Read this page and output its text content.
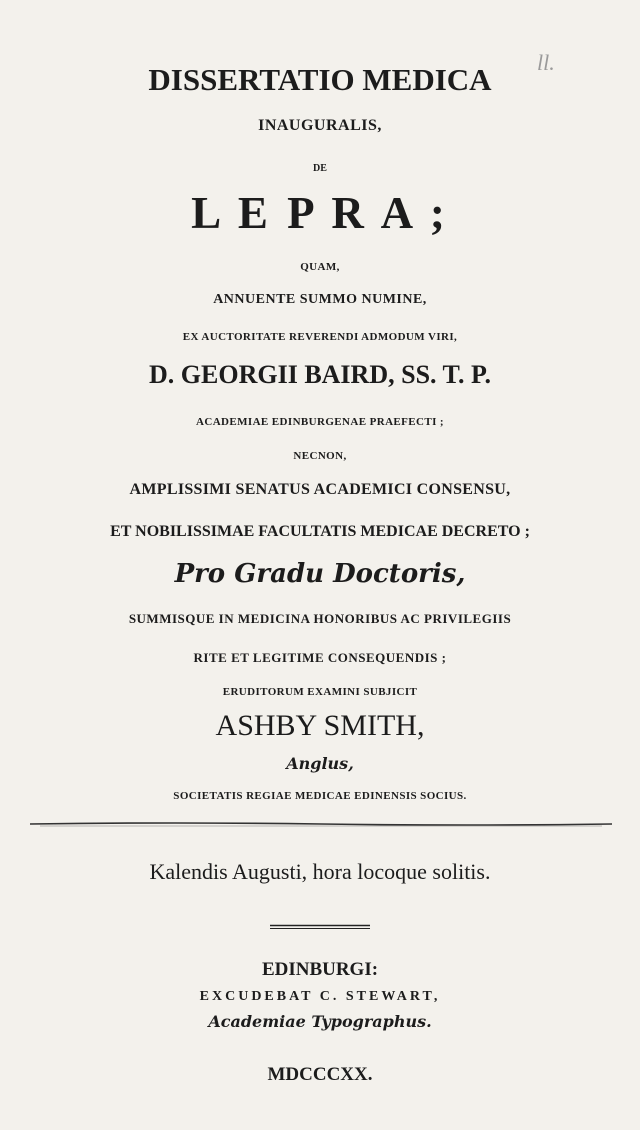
ll.
DISSERTATIO MEDICA
INAUGURALIS,
DE
L E P R A ;
QUAM,
ANNUENTE SUMMO NUMINE,
EX AUCTORITATE REVERENDI ADMODUM VIRI,
D. GEORGII BAIRD, SS. T. P.
ACADEMIAE EDINBURGENAE PRAEFECTI ;
NECNON,
AMPLISSIMI SENATUS ACADEMICI CONSENSU,
ET NOBILISSIMAE FACULTATIS MEDICAE DECRETO ;
Pro Gradu Doctoris,
SUMMISQUE IN MEDICINA HONORIBUS AC PRIVILEGIIS
RITE ET LEGITIME CONSEQUENDIS ;
ERUDITORUM EXAMINI SUBJICIT
ASHBY SMITH,
Anglus,
SOCIETATIS REGIAE MEDICAE EDINENSIS SOCIUS.
Kalendis Augusti, hora locoque solitis.
EDINBURGI:
EXCUDEBAT C. STEWART,
Academiae Typographus.
MDCCCXX.
